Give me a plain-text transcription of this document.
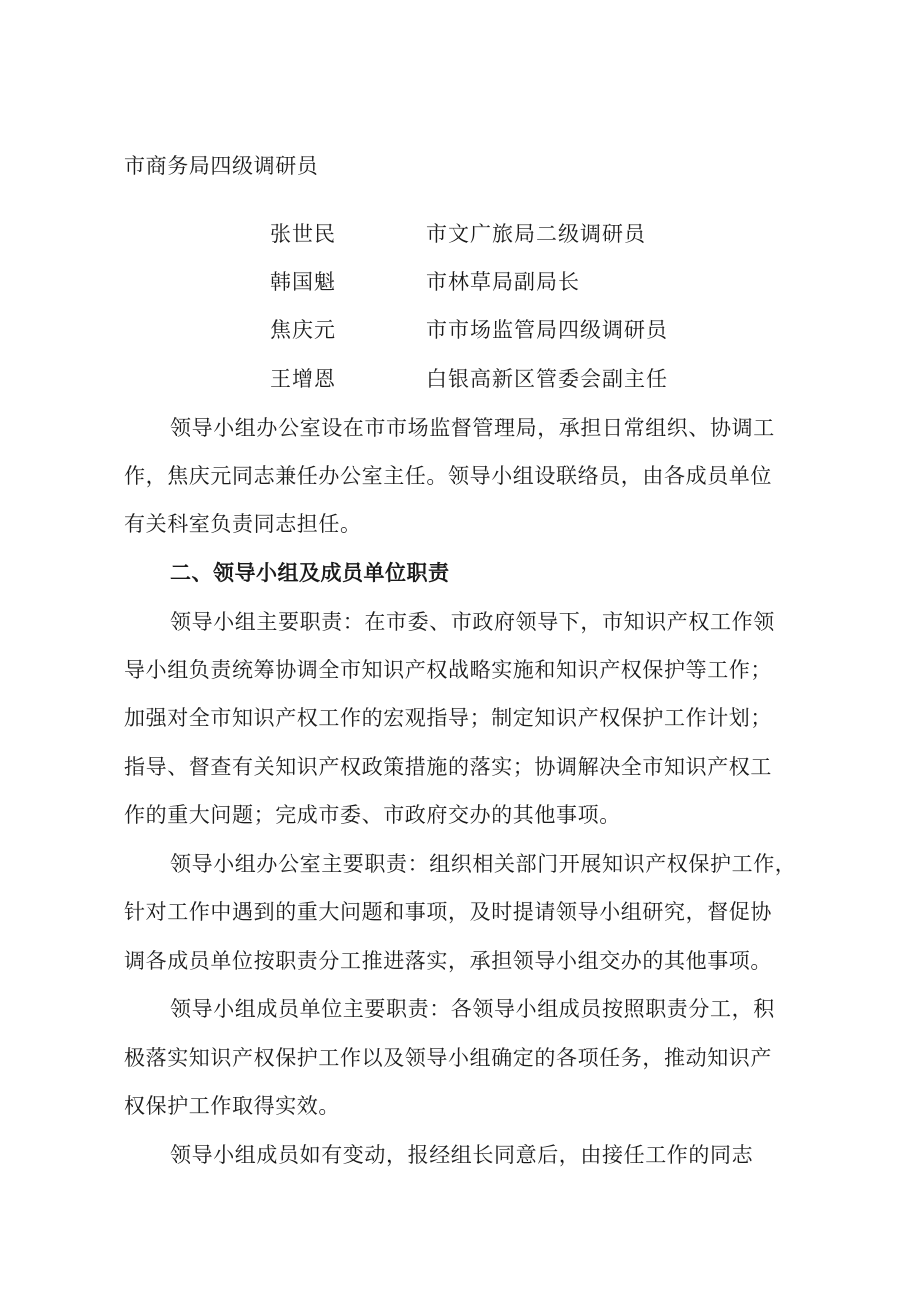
市商务局四级调研员
张世民	市文广旅局二级调研员
韩国魁	市林草局副局长
焦庆元	市市场监管局四级调研员
王增恩	白银高新区管委会副主任
领导小组办公室设在市市场监督管理局，承担日常组织、协调工
作，焦庆元同志兼任办公室主任。领导小组设联络员，由各成员单位
有关科室负责同志担任。
二、领导小组及成员单位职责
领导小组主要职责：在市委、市政府领导下，市知识产权工作领
导小组负责统筹协调全市知识产权战略实施和知识产权保护等工作；
加强对全市知识产权工作的宏观指导；制定知识产权保护工作计划；
指导、督查有关知识产权政策措施的落实；协调解决全市知识产权工
作的重大问题；完成市委、市政府交办的其他事项。
领导小组办公室主要职责：组织相关部门开展知识产权保护工作，
针对工作中遇到的重大问题和事项，及时提请领导小组研究，督促协
调各成员单位按职责分工推进落实，承担领导小组交办的其他事项。
领导小组成员单位主要职责：各领导小组成员按照职责分工，积
极落实知识产权保护工作以及领导小组确定的各项任务，推动知识产
权保护工作取得实效。
领导小组成员如有变动，报经组长同意后，由接任工作的同志
